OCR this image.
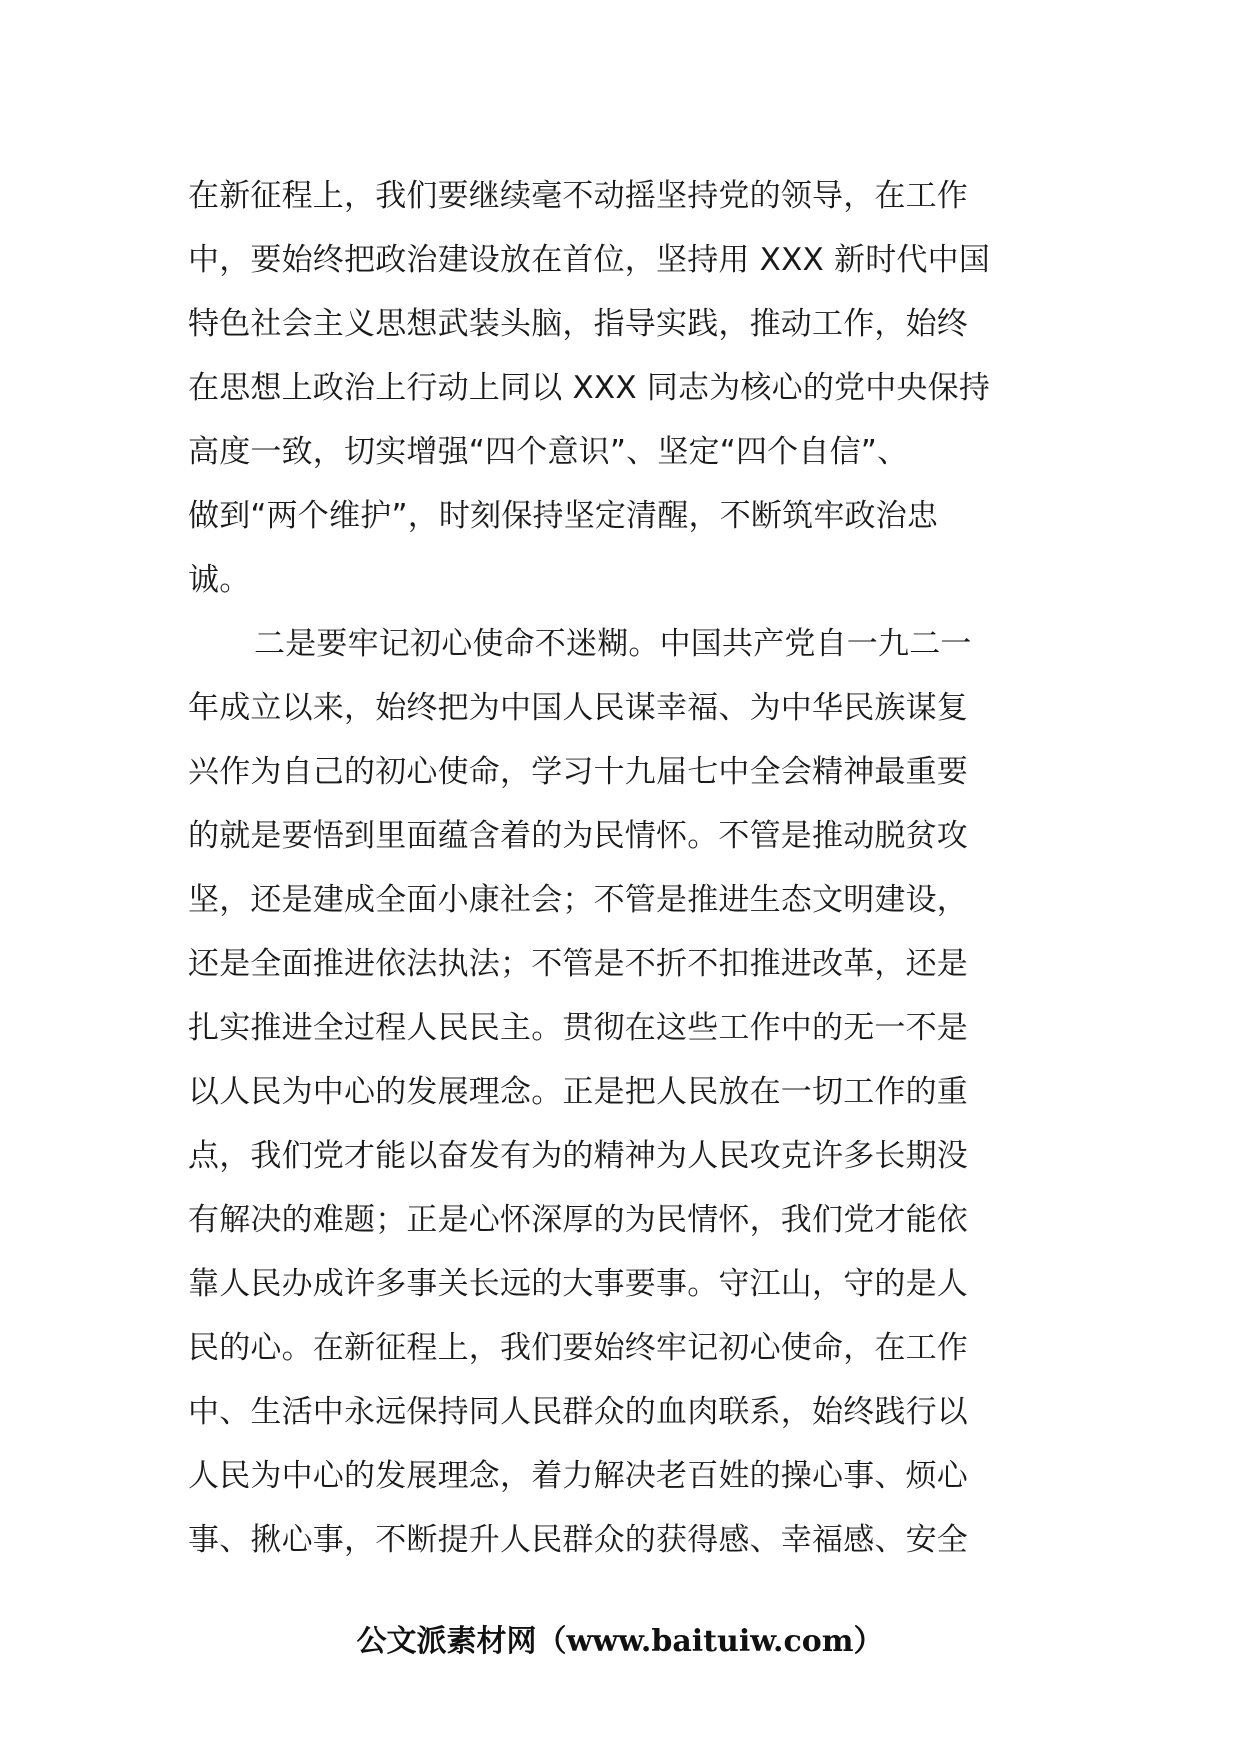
在新征程上，我们要继续毫不动摇坚持党的领导，在工作
中，要始终把政治建设放在首位，坚持用 XXX 新时代中国
特色社会主义思想武装头脑，指导实践，推动工作，始终
在思想上政治上行动上同以 XXX 同志为核心的党中央保持
高度一致，切实增强“四个意识”、坚定“四个自信”、
做到“两个维护”，时刻保持坚定清醒，不断筑牢政治忠
诚。
二是要牢记初心使命不迷糊。中国共产党自一九二一
年成立以来，始终把为中国人民谋幸福、为中华民族谋复
兴作为自己的初心使命，学习十九届七中全会精神最重要
的就是要悟到里面蕴含着的为民情怀。不管是推动脱贫攻
坚，还是建成全面小康社会；不管是推进生态文明建设，
还是全面推进依法执法；不管是不折不扣推进改革，还是
扎实推进全过程人民民主。贯彻在这些工作中的无一不是
以人民为中心的发展理念。正是把人民放在一切工作的重
点，我们党才能以奋发有为的精神为人民攻克许多长期没
有解决的难题；正是心怀深厚的为民情怀，我们党才能依
靠人民办成许多事关长远的大事要事。守江山，守的是人
民的心。在新征程上，我们要始终牢记初心使命，在工作
中、生活中永远保持同人民群众的血肉联系，始终践行以
人民为中心的发展理念，着力解决老百姓的操心事、烦心
事、揪心事，不断提升人民群众的获得感、幸福感、安全
公文派素材网（www.baituiw.com）
